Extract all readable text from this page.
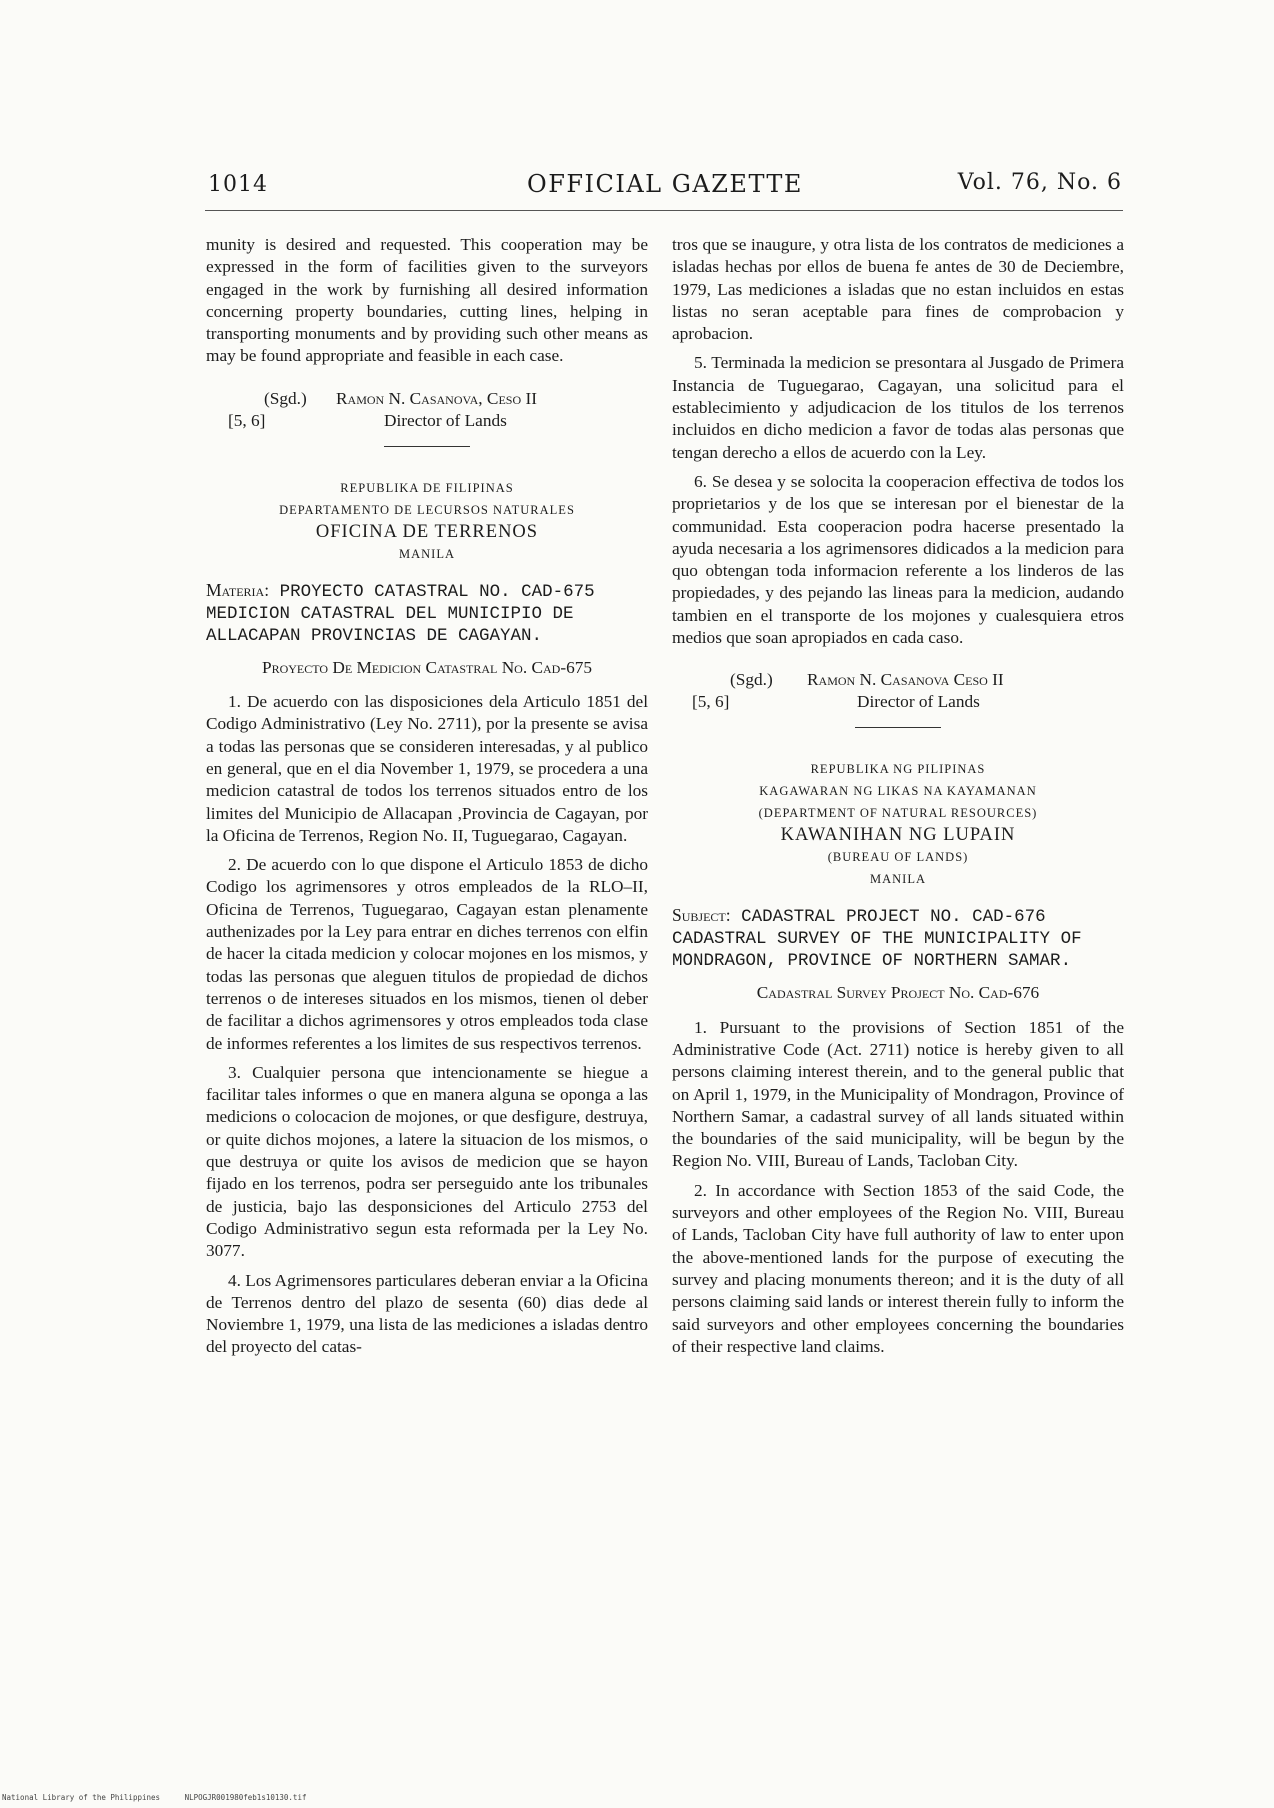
1014	OFFICIAL GAZETTE	Vol. 76, No. 6

munity is desired and requested. This cooperation may be expressed in the form of facilities given to the surveyors engaged in the work by furnishing all desired information concerning property boundaries, cutting lines, helping in transporting monuments and by providing such other means as may be found appropriate and feasible in each case.

(Sgd.) Ramon N. Casanova, Ceso II
[5, 6]	Director of Lands
REPUBLIKA DE FILIPINAS
DEPARTAMENTO DE LECURSOS NATURALES
OFICINA DE TERRENOS
MANILA
Materia: PROYECTO CATASTRAL NO. CAD-675 MEDICION CATASTRAL DEL MUNICIPIO DE ALLACAPAN PROVINCIAS DE CAGAYAN.
Proyecto De Medicion Catastral No. Cad-675

1. De acuerdo con las disposiciones dela Articulo 1851 del Codigo Administrativo (Ley No. 2711), por la presente se avisa a todas las personas que se consideren interesadas, y al publico en general, que en el dia November 1, 1979, se procedera a una medicion catastral de todos los terrenos situados entro de los limites del Municipio de Allacapan ,Provincia de Cagayan, por la Oficina de Terrenos, Region No. II, Tuguegarao, Cagayan.

2. De acuerdo con lo que dispone el Articulo 1853 de dicho Codigo los agrimensores y otros empleados de la RLO–II, Oficina de Terrenos, Tuguegarao, Cagayan estan plenamente authenizades por la Ley para entrar en diches terrenos con elfin de hacer la citada medicion y colocar mojones en los mismos, y todas las personas que aleguen titulos de propiedad de dichos terrenos o de intereses situados en los mismos, tienen ol deber de facilitar a dichos agrimensores y otros empleados toda clase de informes referentes a los limites de sus respectivos terrenos.

3. Cualquier persona que intencionamente se hiegue a facilitar tales informes o que en manera alguna se oponga a las medicions o colocacion de mojones, or que desfigure, destruya, or quite dichos mojones, a latere la situacion de los mismos, o que destruya or quite los avisos de medicion que se hayon fijado en los terrenos, podra ser perseguido ante los tribunales de justicia, bajo las desponsiciones del Articulo 2753 del Codigo Administrativo segun esta reformada per la Ley No. 3077.

4. Los Agrimensores particulares deberan enviar a la Oficina de Terrenos dentro del plazo de sesenta (60) dias dede al Noviembre 1, 1979, una lista de las mediciones a isladas dentro del proyecto del catas-

tros que se inaugure, y otra lista de los contratos de mediciones a isladas hechas por ellos de buena fe antes de 30 de Deciembre, 1979, Las mediciones a isladas que no estan incluidos en estas listas no seran aceptable para fines de comprobacion y aprobacion.

5. Terminada la medicion se presontara al Jusgado de Primera Instancia de Tuguegarao, Cagayan, una solicitud para el establecimiento y adjudicacion de los titulos de los terrenos incluidos en dicho medicion a favor de todas alas personas que tengan derecho a ellos de acuerdo con la Ley.

6. Se desea y se solocita la cooperacion effectiva de todos los proprietarios y de los que se interesan por el bienestar de la communidad. Esta cooperacion podra hacerse presentado la ayuda necesaria a los agrimensores didicados a la medicion para quo obtengan toda informacion referente a los linderos de las propiedades, y des pejando las lineas para la medicion, audando tambien en el transporte de los mojones y cualesquiera etros medios que soan apropiados en cada caso.

(Sgd.) Ramon N. Casanova Ceso II
[5, 6]	Director of Lands
REPUBLIKA NG PILIPINAS
KAGAWARAN NG LIKAS NA KAYAMANAN
(DEPARTMENT OF NATURAL RESOURCES)
KAWANIHAN NG LUPAIN
(BUREAU OF LANDS)
MANILA
Subject: CADASTRAL PROJECT NO. CAD-676 CADASTRAL SURVEY OF THE MUNICIPALITY OF MONDRAGON, PROVINCE OF NORTHERN SAMAR.
Cadastral Survey Project No. Cad-676

1. Pursuant to the provisions of Section 1851 of the Administrative Code (Act. 2711) notice is hereby given to all persons claiming interest therein, and to the general public that on April 1, 1979, in the Municipality of Mondragon, Province of Northern Samar, a cadastral survey of all lands situated within the boundaries of the said municipality, will be begun by the Region No. VIII, Bureau of Lands, Tacloban City.

2. In accordance with Section 1853 of the said Code, the surveyors and other employees of the Region No. VIII, Bureau of Lands, Tacloban City have full authority of law to enter upon the above-mentioned lands for the purpose of executing the survey and placing monuments thereon; and it is the duty of all persons claiming said lands or interest therein fully to inform the said surveyors and other employees concerning the boundaries of their respective land claims.

National Library of the Philippines	NLPOGJR001980feb1s10130.tif
